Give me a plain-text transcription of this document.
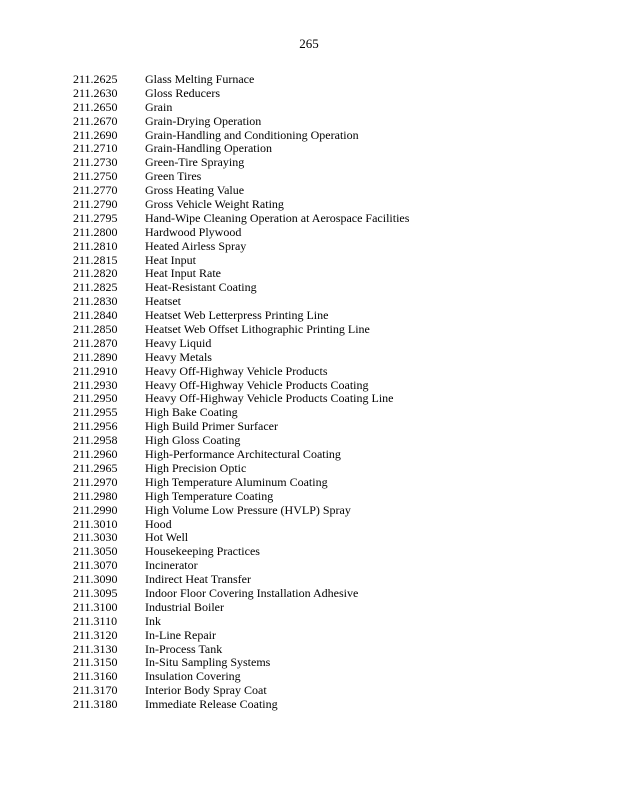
265
211.2625	Glass Melting Furnace
211.2630	Gloss Reducers
211.2650	Grain
211.2670	Grain-Drying Operation
211.2690	Grain-Handling and Conditioning Operation
211.2710	Grain-Handling Operation
211.2730	Green-Tire Spraying
211.2750	Green Tires
211.2770	Gross Heating Value
211.2790	Gross Vehicle Weight Rating
211.2795	Hand-Wipe Cleaning Operation at Aerospace Facilities
211.2800	Hardwood Plywood
211.2810	Heated Airless Spray
211.2815	Heat Input
211.2820	Heat Input Rate
211.2825	Heat-Resistant Coating
211.2830	Heatset
211.2840	Heatset Web Letterpress Printing Line
211.2850	Heatset Web Offset Lithographic Printing Line
211.2870	Heavy Liquid
211.2890	Heavy Metals
211.2910	Heavy Off-Highway Vehicle Products
211.2930	Heavy Off-Highway Vehicle Products Coating
211.2950	Heavy Off-Highway Vehicle Products Coating Line
211.2955	High Bake Coating
211.2956	High Build Primer Surfacer
211.2958	High Gloss Coating
211.2960	High-Performance Architectural Coating
211.2965	High Precision Optic
211.2970	High Temperature Aluminum Coating
211.2980	High Temperature Coating
211.2990	High Volume Low Pressure (HVLP) Spray
211.3010	Hood
211.3030	Hot Well
211.3050	Housekeeping Practices
211.3070	Incinerator
211.3090	Indirect Heat Transfer
211.3095	Indoor Floor Covering Installation Adhesive
211.3100	Industrial Boiler
211.3110	Ink
211.3120	In-Line Repair
211.3130	In-Process Tank
211.3150	In-Situ Sampling Systems
211.3160	Insulation Covering
211.3170	Interior Body Spray Coat
211.3180	Immediate Release Coating
